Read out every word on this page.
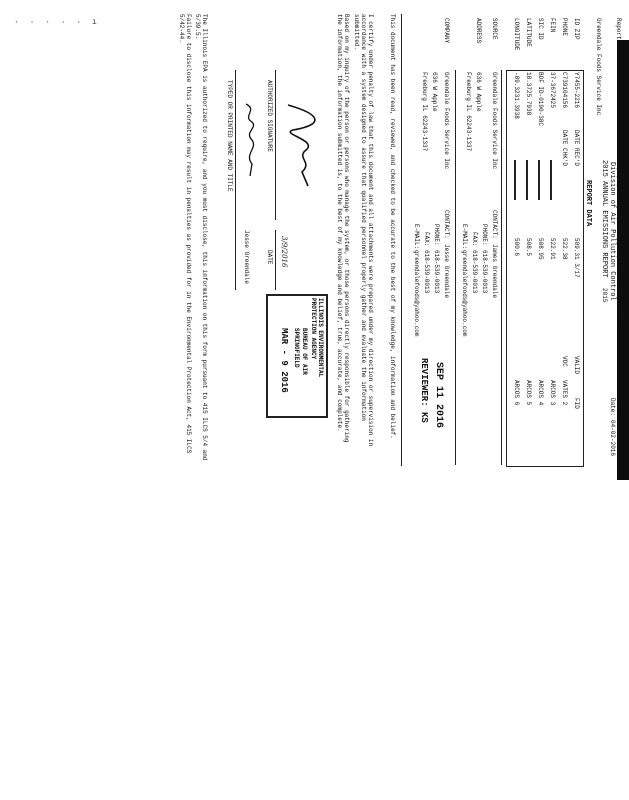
· · · · · ı	Report: RCP8133
Greendale Foods Service Inc
Illinois Environmental Protection Agency
Division of Air Pollution Control
2015 ANNUAL EMISSIONS REPORT
2015
Page:
11
Date:
04-02-2016
REPORT DATA
ID ZIP
Y7455-2216
DATE REC'D
509.31 3/17
PHONE
C739104156
DATE CHK'D
522.38
FEIN
37-3672425
522.91
SIC ID
BOF ID-0190-38C
508.95
LATITUDE
18.3725.7938
508.5
LONGITUDE
-89.3231.3938
500.6
FID
VALID
VOC
VATES 2
ARCOS 3
ARCOS 4
ARCOS 5
ARCOS 6
SOURCE
Greendale Foods Service Inc
CONTACT:
James Greendale
PHONE:
618-539-0013
FAX:
618-539-0013
E-MAIL:
greendalefoods@yahoo.com
ADDRESS
636 W Apple
Freeburg IL 62243-1337
COMPANY
Greendale Foods Service Inc
636 W Apple
Freeburg IL 62243-1337
CONTACT:
Jesse Greendale
PHONE:
618-539-0013
FAX:
618-539-0013
E-MAIL:
greendalefoods@yahoo.com
SEP 11 2016
REVIEWER: KS
This document has been read, reviewed, and checked to be accurate to the best of my knowledge, information and belief.
I certify under penalty of law that this document and all attachments were prepared under my direction or supervision in accordance with a system designed to assure that qualified personnel properly gather and evaluate the information submitted.
Based on my inquiry of the person or persons who manage the system, or those persons directly responsible for gathering the information, the information submitted is, to the best of my knowledge and belief, true, accurate, and complete.
ILLINOIS ENVIRONMENTAL PROTECTION AGENCY
BUREAU OF AIR
SPRINGFIELD
MAR - 9 2016
AUTHORIZED SIGNATURE
3/9/2016
DATE
Jesse Greendale
TYPED OR PRINTED NAME AND TITLE
The Illinois EPA is authorized to require, and you must disclose, this information on this form pursuant to 415 ILCS 5/4 and 5/39.5.
Failure to disclose this information may result in penalties as provided for in the Environmental Protection Act, 415 ILCS 5/42-44.
